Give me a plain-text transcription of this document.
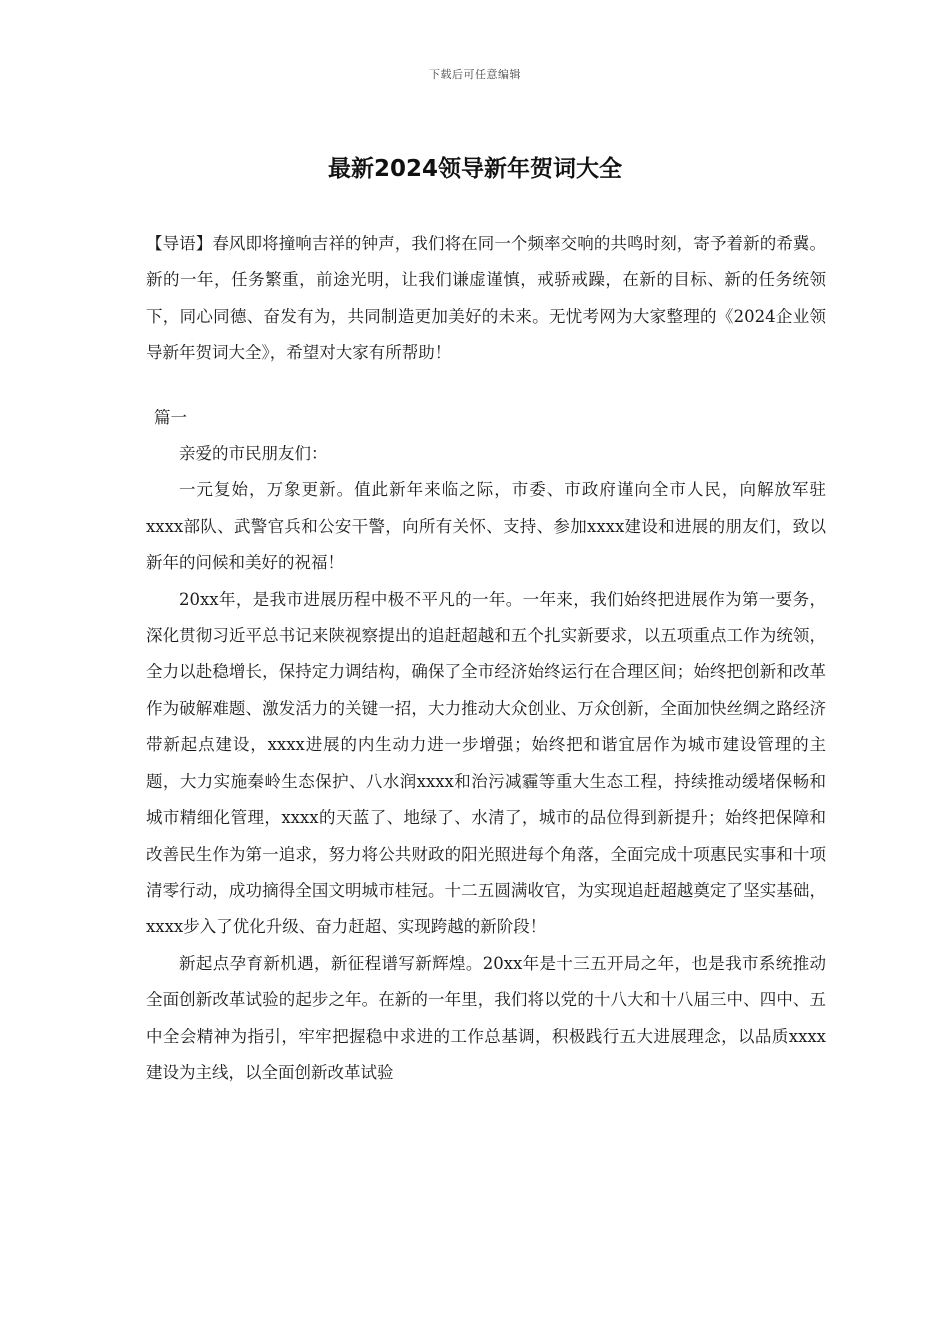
下载后可任意编辑
最新2024领导新年贺词大全

【导语】春风即将撞响吉祥的钟声，我们将在同一个频率交响的共鸣时刻，寄予着新的希冀。新的一年，任务繁重，前途光明，让我们谦虚谨慎，戒骄戒躁，在新的目标、新的任务统领下，同心同德、奋发有为，共同制造更加美好的未来。无忧考网为大家整理的《2024企业领导新年贺词大全》，希望对大家有所帮助！

篇一

亲爱的市民朋友们：

一元复始，万象更新。值此新年来临之际，市委、市政府谨向全市人民，向解放军驻xxxx部队、武警官兵和公安干警，向所有关怀、支持、参加xxxx建设和进展的朋友们，致以新年的问候和美好的祝福！

20xx年，是我市进展历程中极不平凡的一年。一年来，我们始终把进展作为第一要务，深化贯彻习近平总书记来陕视察提出的追赶超越和五个扎实新要求，以五项重点工作为统领，全力以赴稳增长，保持定力调结构，确保了全市经济始终运行在合理区间；始终把创新和改革作为破解难题、激发活力的关键一招，大力推动大众创业、万众创新，全面加快丝绸之路经济带新起点建设，xxxx进展的内生动力进一步增强；始终把和谐宜居作为城市建设管理的主题，大力实施秦岭生态保护、八水润xxxx和治污减霾等重大生态工程，持续推动缓堵保畅和城市精细化管理，xxxx的天蓝了、地绿了、水清了，城市的品位得到新提升；始终把保障和改善民生作为第一追求，努力将公共财政的阳光照进每个角落，全面完成十项惠民实事和十项清零行动，成功摘得全国文明城市桂冠。十二五圆满收官，为实现追赶超越奠定了坚实基础，xxxx步入了优化升级、奋力赶超、实现跨越的新阶段！

新起点孕育新机遇，新征程谱写新辉煌。20xx年是十三五开局之年，也是我市系统推动全面创新改革试验的起步之年。在新的一年里，我们将以党的十八大和十八届三中、四中、五中全会精神为指引，牢牢把握稳中求进的工作总基调，积极践行五大进展理念，以品质xxxx建设为主线，以全面创新改革试验
